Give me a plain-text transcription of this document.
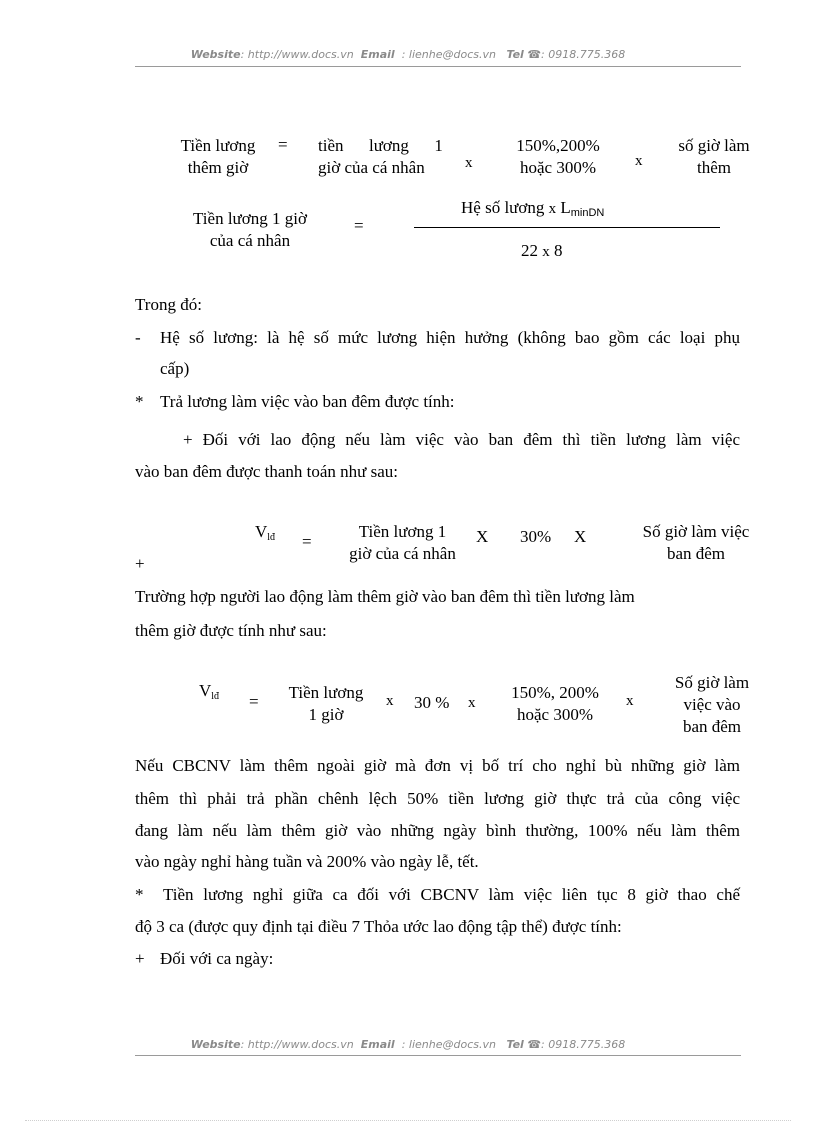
Website: http://www.docs.vn Email : lienhe@docs.vn Tel ☎: 0918.775.368
Tiền lương
thêm giờ
= tiền      lương      1
giờ của cá nhân	x
150%,200%
hoặc 300%	x
số giờ làm
thêm
Tiền lương 1 giờ
của cá nhân
=
Hệ số lương x $L_{minDN}$
22 x 8
Trong đó:
- Hệ số lương: là hệ số mức lương hiện hưởng (không bao gồm các loại phụ
cấp)
* Trả lương làm việc vào ban đêm được tính:
+ Đối với lao động nếu làm việc vào ban đêm thì tiền lương làm việc
vào ban đêm được thanh toán như sau:
$V_{lđ}$ =
Tiền lương 1
giờ của cá nhân
X 30% X	Số giờ làm việc
ban đêm
+
Trường hợp người lao động làm thêm giờ vào ban đêm thì tiền lương làm
thêm giờ được tính như sau:
$V_{lđ}$ =	Tiền lương
1 giờ
x 30 % x
150%, 200%
hoặc 300%
x
Số giờ làm
việc vào
ban đêm
Nếu CBCNV làm thêm ngoài giờ mà đơn vị bố trí cho nghỉ bù những giờ làm
thêm thì phải trả phần chênh lệch 50% tiền lương giờ thực trả của công việc
đang làm nếu làm thêm giờ vào những ngày bình thường, 100% nếu làm thêm
vào ngày nghỉ hàng tuần và 200% vào ngày lễ, tết.
* Tiền lương nghỉ giữa ca đối với CBCNV làm việc liên tục 8 giờ thao chế
độ 3 ca (được quy định tại điều 7 Thỏa ước lao động tập thể) được tính:
+ Đối với ca ngày:
Website: http://www.docs.vn Email : lienhe@docs.vn Tel ☎: 0918.775.368
